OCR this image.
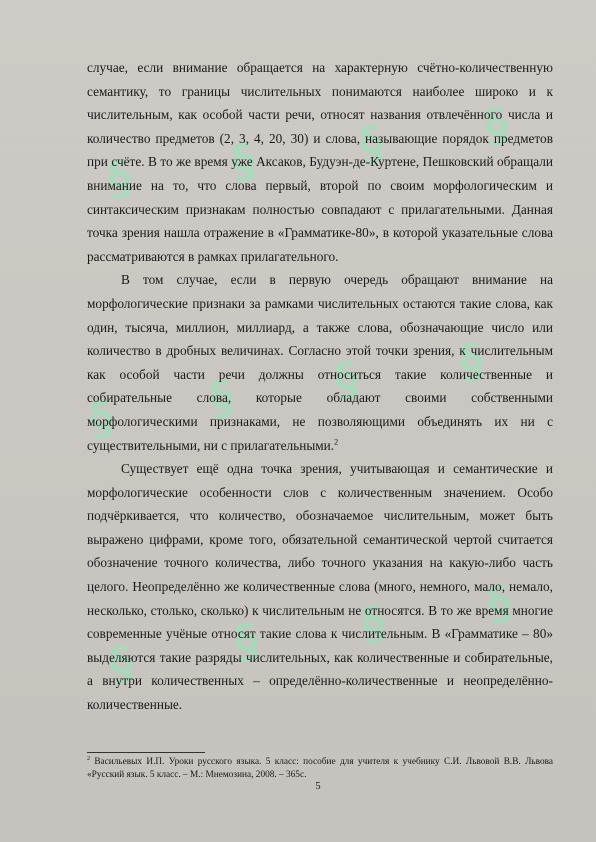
§ § § §
§ § § §
§ § § §

случае, если внимание обращается на характерную счётно-количественную семантику, то границы числительных понимаются наиболее широко и к числительным, как особой части речи, относят названия отвлечённого числа и количество предметов (2, 3, 4, 20, 30) и слова, называющие порядок предметов при счёте. В то же время уже Аксаков, Будуэн-де-Куртене, Пешковский обращали внимание на то, что слова первый, второй по своим морфологическим и синтаксическим признакам полностью совпадают с прилагательными. Данная точка зрения нашла отражение в «Грамматике-80», в которой указательные слова рассматриваются в рамках прилагательного.

В том случае, если в первую очередь обращают внимание на морфологические признаки за рамками числительных остаются такие слова, как один, тысяча, миллион, миллиард, а также слова, обозначающие число или количество в дробных величинах. Согласно этой точки зрения, к числительным как особой части речи должны относиться такие количественные и собирательные слова, которые обладают своими собственными морфологическими признаками, не позволяющими объединять их ни с существительными, ни с прилагательными.$^2$

Существует ещё одна точка зрения, учитывающая и семантические и морфологические особенности слов с количественным значением. Особо подчёркивается, что количество, обозначаемое числительным, может быть выражено цифрами, кроме того, обязательной семантической чертой считается обозначение точного количества, либо точного указания на какую-либо часть целого. Неопределённо же количественные слова (много, немного, мало, немало, несколько, столько, сколько) к числительным не относятся. В то же время многие современные учёные относят такие слова к числительным. В «Грамматике – 80» выделяются такие разряды числительных, как количественные и собирательные, а внутри количественных – определённо-количественные и неопределённо-количественные.

$^2$ Васильевых И.П. Уроки русского языка. 5 класс: пособие для учителя к учебнику С.И. Львовой В.В. Львова «Русский язык. 5 класс. – М.: Мнемозина, 2008. – 365с.
5
